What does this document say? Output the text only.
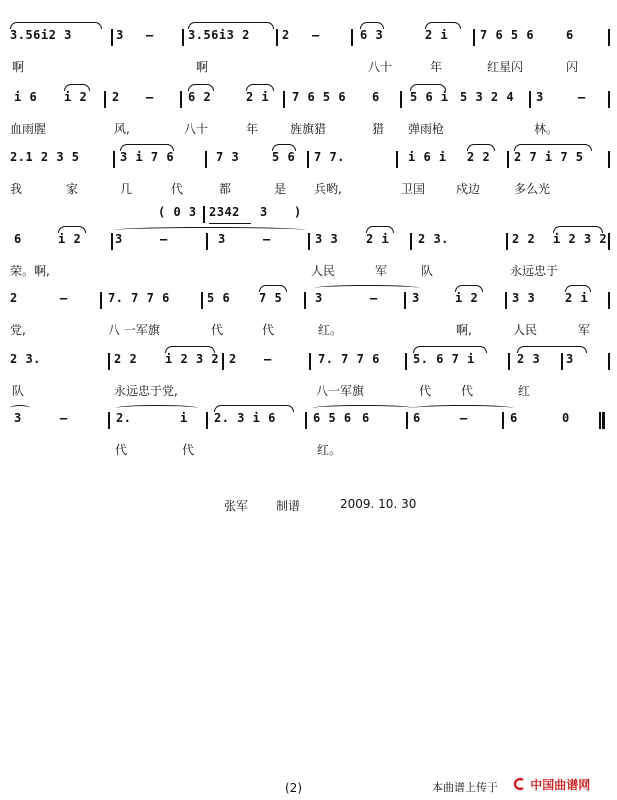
3.56i2 3	3 –	3.56i3 2	2 –	6 3	2 i	7 6 5 6	6
啊	啊	八十	年	红星闪	闪
i 6 i 2 2 –	6 2	2 i 7 6 5 6 6	5 6 i 5 3 2 4 3	–
血雨腥	风,	八十	年	旌旗猎	猎 弹雨枪	林。
2.1 2 3 5	3 i 7 6	7 3	5 6 7 7.	i 6 i 2 2 2 7 i 7 5
我	家	几	代	都	是 兵哟,	卫国	戍边	多么光
6	i 2	3	–	3	–	3 3 2 i 2 3.	2 2 i 2 3 2
荣。啊,	人民	军	队	永远忠于
2	–	7. 7 7 6	5 6 7 5	3	–	3	i 2	3 3 2 i
党,	八 一军旗	代	代	红。	啊,	人民	军
2 3.	2 2 i 2 3 2 2 –	7. 7 7 6	5. 6 7 i	2 3 3
队	永远忠于党,	八一军旗	代 代	红
3	–	2.	i 2. 3 i 6	6 5 6 6	6	–	6	0
代	代	红。
( 0 3 2342 3 )
张军 制谱	2009. 10. 30
(2)	本曲谱上传于	中国曲谱网
